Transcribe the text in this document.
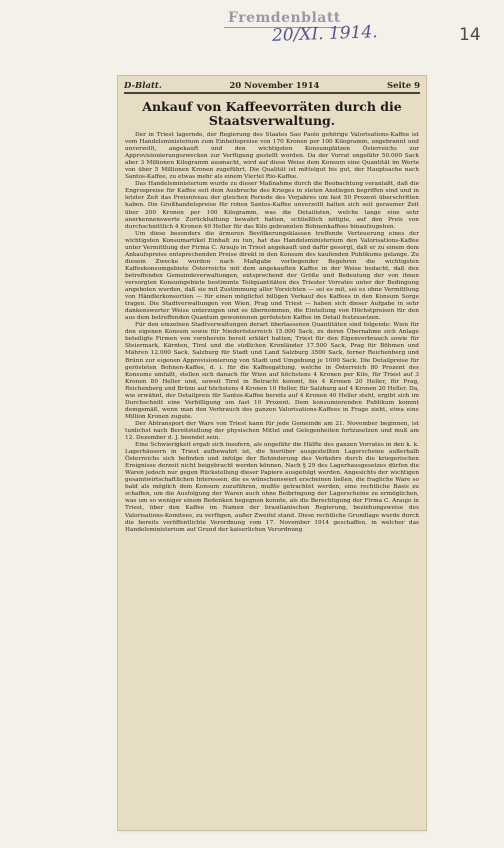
Fremdenblatt
20/XI. 1914.	14
D-Blatt.	20 November 1914	Seite 9
Ankauf von Kaffeevorräten durch die Staatsverwaltung.

Der in Triest lagernde, der Regierung des Staates Sao Paolo gehörige Valorisations-Kaffee ist vom Handelsministerium zum Einheitspreise von 170 Kronen per 100 Kilogramm, ungebrannt und unverzollt, angekauft und den wichtigsten Konsumplätzen Österreichs zur Approvisionierungszwecken zur Verfügung gestellt worden. Da der Vorrat ungefähr 50.000 Sack aber 3 Millionen Kilogramm ausmacht, wird auf diese Weise dem Konsum eine Quantität im Werte von über 5 Millionen Kronen zugeführt. Die Qualität ist mittelgut bis gut, der Hauptsache nach Santos-Kaffee, zu etwas mehr als einem Viertel Rio-Kaffee.

Das Handelsministerium wurde zu dieser Maßnahme durch die Beobachtung veranlaßt, daß die Engrospreise für Kaffee seit dem Ausbruche des Krieges in steten Anstiegen begriffen sind und in letzter Zeit das Preisniveau der gleichen Periode des Vorjahres um fast 50 Prozent überschritten haben. Die Großhandelspreise für rohen Santos-Kaffee unverzollt halten sich seit geraumer Zeit über 200 Kronen per 100 Kilogramm, was die Detailisten, welche lange eine sehr anerkennenswerte Zurückhaltung bewahrt hatten, schließlich nötigte, auf den Preis von durchschnittlich 4 Kronen 40 Heller für das Kilo gebrannten Bohnenkaffees hinaufzugehen.

Um diese besonders die ärmeren Bevölkerungsklassen treffende Verteuerung eines der wichtigsten Konsumartikel Einhalt zu tun, hat das Handelsministerium den Valorisations-Kaffee unter Vermittlung der Firma C. Araujo in Triest angekauft und dafür gesorgt, daß er zu einem dem Ankaufspreise entsprechenden Preise direkt in den Konsum des kaufenden Publikums gelange. Zu diesem Zwecke wurden nach Maßgabe vorliegender Begehren die wichtigsten Kaffeekonsumgebiete Österreichs mit dem angekauften Kaffee in der Weise bedacht, daß den betreffenden Gemeindeverwaltungen, entsprechend der Größe und Bedeutung der von ihnen versorgten Konsumgebiete bestimmte Teilquantitäten des Triester Vorrates unter der Bedingung angeboten wurden, daß sie mit Zustimmung aller Vorsichten — sei es mit, sei es ohne Vermittlung von Händlerkonsortien — für einen möglichst billigen Verkauf des Kaffees in den Konsum Sorge tragen. Die Stadtverwaltungen von Wien, Prag und Triest — haben sich dieser Aufgabe in sehr dankenswerter Weise unterzogen und es übernommen, die Einteilung von Höchstpreisen für den aus dem betreffenden Quantum gewonnenen gerösteten Kaffee im Detail festzusetzen.

Für den einzelnen Stadtverwaltungen derart überlassenen Quantitäten sind folgende: Wien für den eigenen Konsum sowie für Niederösterreich 15.000 Sack, zu deren Übernahme sich Anlage beteiligte Firmen von vornherein bereit erklärt hatten; Triest für den Eigenverbrauch sowie für Steiermark, Kärnten, Tirol und die südlichen Kronländer 17.500 Sack, Prag für Böhmen und Mähren 12.000 Sack, Salzburg für Stadt und Land Salzburg 3500 Sack, ferner Reichenberg und Brünn zur eigenen Approvisionierung von Stadt und Umgebung je 1000 Sack. Die Detailpreise für gerösteten Bohnen-Kaffee, d. i. für die Kaffeegattung, welche in Österreich 80 Prozent des Konsums umfaßt, stellen sich danach für Wien auf höchstens 4 Kronen per Kilo, für Triest auf 3 Kronen 80 Heller und, soweit Tirol in Betracht kommt, bis 4 Kronen 20 Heller, für Prag, Reichenberg und Brünn auf höchstens 4 Kronen 10 Heller, für Salzburg auf 4 Kronen 20 Heller. Da, wie erwähnt, der Detailpreis für Santos-Kaffee bereits auf 4 Kronen 40 Heller steht, ergibt sich im Durchschnitt eine Verbilligung um fast 10 Prozent. Dem konsumierenden Publikum kommt demgemäß, wenn man den Verbrauch des ganzen Valorisations-Kaffees in Frage zieht, etwa eine Million Kronen zugute.

Der Abtransport der Ware von Triest kann für jede Gemeinde am 21. November beginnen, ist tunlichst nach Bereitstellung der physischen Mittel und Gelegenheiten fortzusetzen und muß am 12. Dezember d. J. beendet sein.

Eine Schwierigkeit ergab sich insofern, als ungefähr die Hälfte des ganzen Vorrates in den k. k. Lagerhäusern in Triest aufbewahrt ist, die hierüber ausgestellten Lagerscheine außerhalb Österreichs sich befinden und infolge der Behinderung des Verkehrs durch die kriegerischen Ereignisse derzeit nicht beigebracht werden können. Nach § 29 des Lagerhausgesetzes dürfen die Waren jedoch nur gegen Rückstellung dieser Papiere ausgefolgt werden. Angesichts der wichtigen gesamtwirtschaftlichen Interessen, die es wünschenswert erscheinen ließen, die fragliche Ware so bald als möglich dem Konsum zuzuführen, mußte getrachtet werden, eine rechtliche Basis zu schaffen, um die Ausfolgung der Waren auch ohne Beibringung der Lagerscheine zu ermöglichen, was um so weniger einem Bedenken begegnen konnte, als die Berechtigung der Firma C. Araujo in Triest, über den Kaffee im Namen der brasilianischen Regierung, beziehungsweise des Valorisations-Komitees, zu verfügen, außer Zweifel stand. Diese rechtliche Grundlage wurde durch die bereits veröffentlichte Verordnung vom 17. November 1914 geschaffen, in welcher das Handelsministerium auf Grund der kaiserlichen Verordnung
